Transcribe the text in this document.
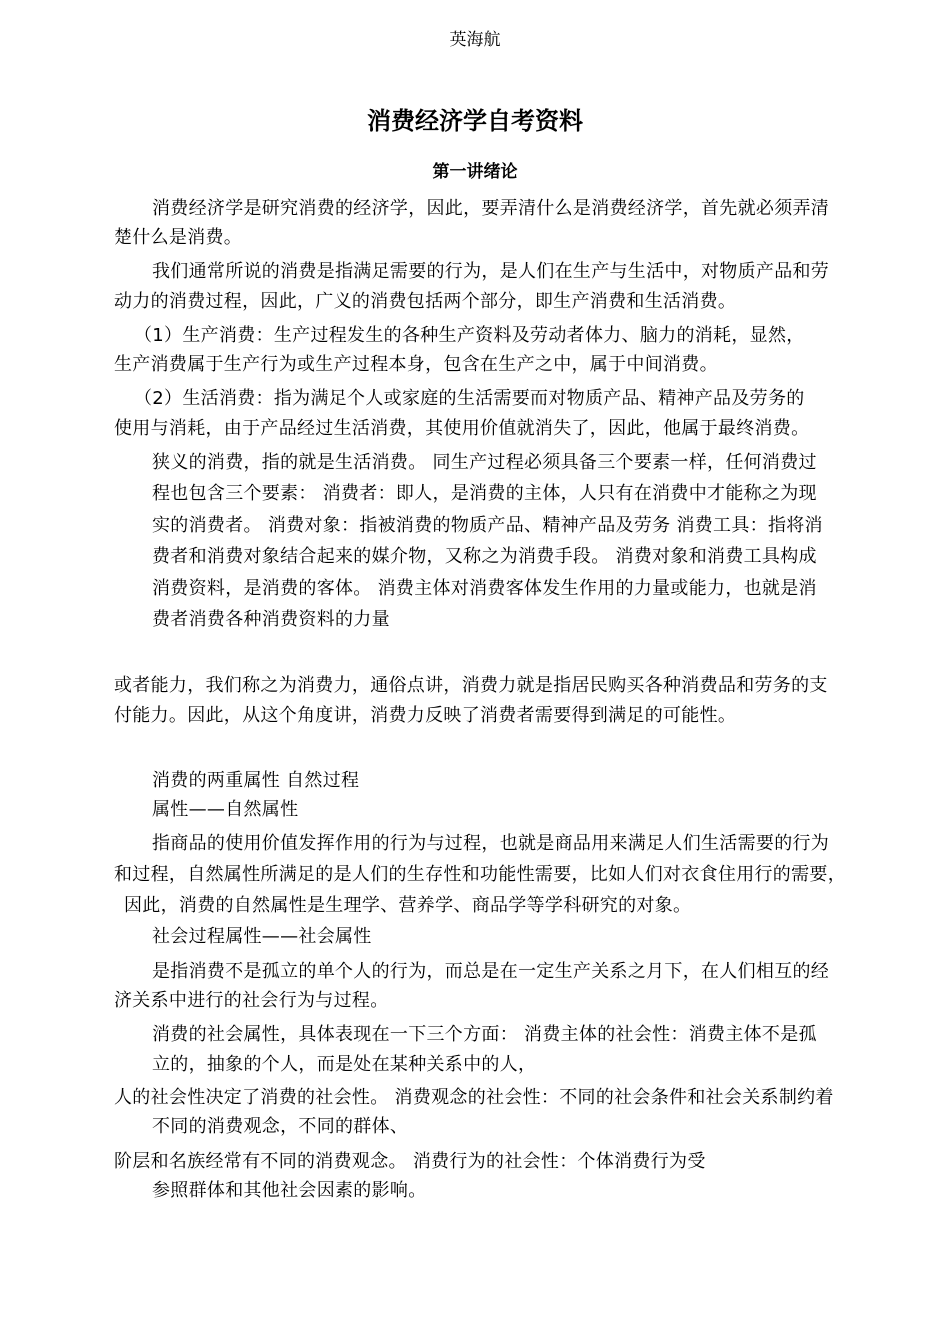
英海航
消费经济学自考资料
第一讲绪论
消费经济学是研究消费的经济学，因此，要弄清什么是消费经济学，首先就必须弄清
楚什么是消费。
我们通常所说的消费是指满足需要的行为，是人们在生产与生活中，对物质产品和劳
动力的消费过程，因此，广义的消费包括两个部分，即生产消费和生活消费。
（1）生产消费：生产过程发生的各种生产资料及劳动者体力、脑力的消耗，显然，
生产消费属于生产行为或生产过程本身，包含在生产之中，属于中间消费。
（2）生活消费：指为满足个人或家庭的生活需要而对物质产品、精神产品及劳务的
使用与消耗，由于产品经过生活消费，其使用价值就消失了，因此，他属于最终消费。
狭义的消费，指的就是生活消费。 同生产过程必须具备三个要素一样，任何消费过
程也包含三个要素： 消费者：即人，是消费的主体，人只有在消费中才能称之为现
实的消费者。 消费对象：指被消费的物质产品、精神产品及劳务 消费工具：指将消
费者和消费对象结合起来的媒介物，又称之为消费手段。 消费对象和消费工具构成
消费资料，是消费的客体。 消费主体对消费客体发生作用的力量或能力，也就是消
费者消费各种消费资料的力量
或者能力，我们称之为消费力，通俗点讲，消费力就是指居民购买各种消费品和劳务的支
付能力。因此，从这个角度讲，消费力反映了消费者需要得到满足的可能性。
消费的两重属性 自然过程
属性——自然属性
指商品的使用价值发挥作用的行为与过程，也就是商品用来满足人们生活需要的行为
和过程，自然属性所满足的是人们的生存性和功能性需要，比如人们对衣食住用行的需要，
因此，消费的自然属性是生理学、营养学、商品学等学科研究的对象。
社会过程属性——社会属性
是指消费不是孤立的单个人的行为，而总是在一定生产关系之月下，在人们相互的经
济关系中进行的社会行为与过程。
消费的社会属性，具体表现在一下三个方面： 消费主体的社会性：消费主体不是孤
立的，抽象的个人，而是处在某种关系中的人，
人的社会性决定了消费的社会性。 消费观念的社会性：不同的社会条件和社会关系制约着
不同的消费观念，不同的群体、
阶层和名族经常有不同的消费观念。 消费行为的社会性：个体消费行为受
参照群体和其他社会因素的影响。
